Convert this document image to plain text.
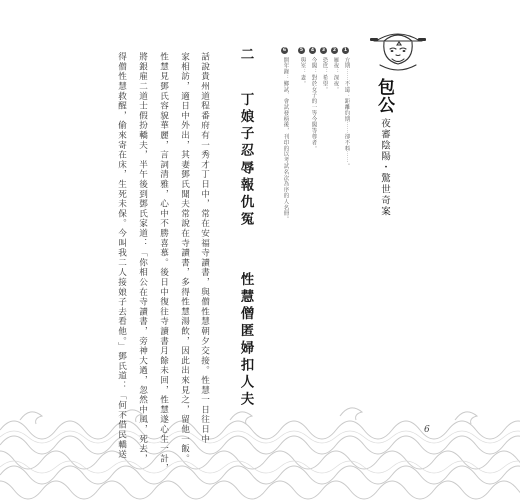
包公
夜審陰陽・驚世奇案
1
方期⋯⋯不遠：距離約期⋯⋯卻不料⋯⋯。
2
雁夜：深夜。
3
恐庶：希望。
4
今閣：對於女子的一等今閣等尊者。
5
與室：妻。
6
開年錄：鄉試、會試發榜後，刊印的以考試名次為序的人名冊。
二
丁娘子忍辱報仇冤
性慧僧匿婦扣人夫
話說貴州道程番府有一秀才丁日中，常在安福寺讀書，與僧性慧朝夕交接。性慧一日往日中
家相訪，適日中外出，其妻鄧氏聞夫常說在寺讀書，多得性慧湯飲，因此出來見之，留他一飯。
性慧見鄧氏容貌華麗，言詞清雅，心中不勝喜慕。後日中復往寺讀書月餘未回，性慧遂心生一計，
將銀雇二道士假扮轎夫，半午後到鄧氏家道：「你相公在寺讀書，旁神大過，忽然中風，死去，
得僧性慧救醒，偷來寄在床，生死未保。今叫我二人接娘子去看他。」鄧氏道：「何不借民轎送	6
